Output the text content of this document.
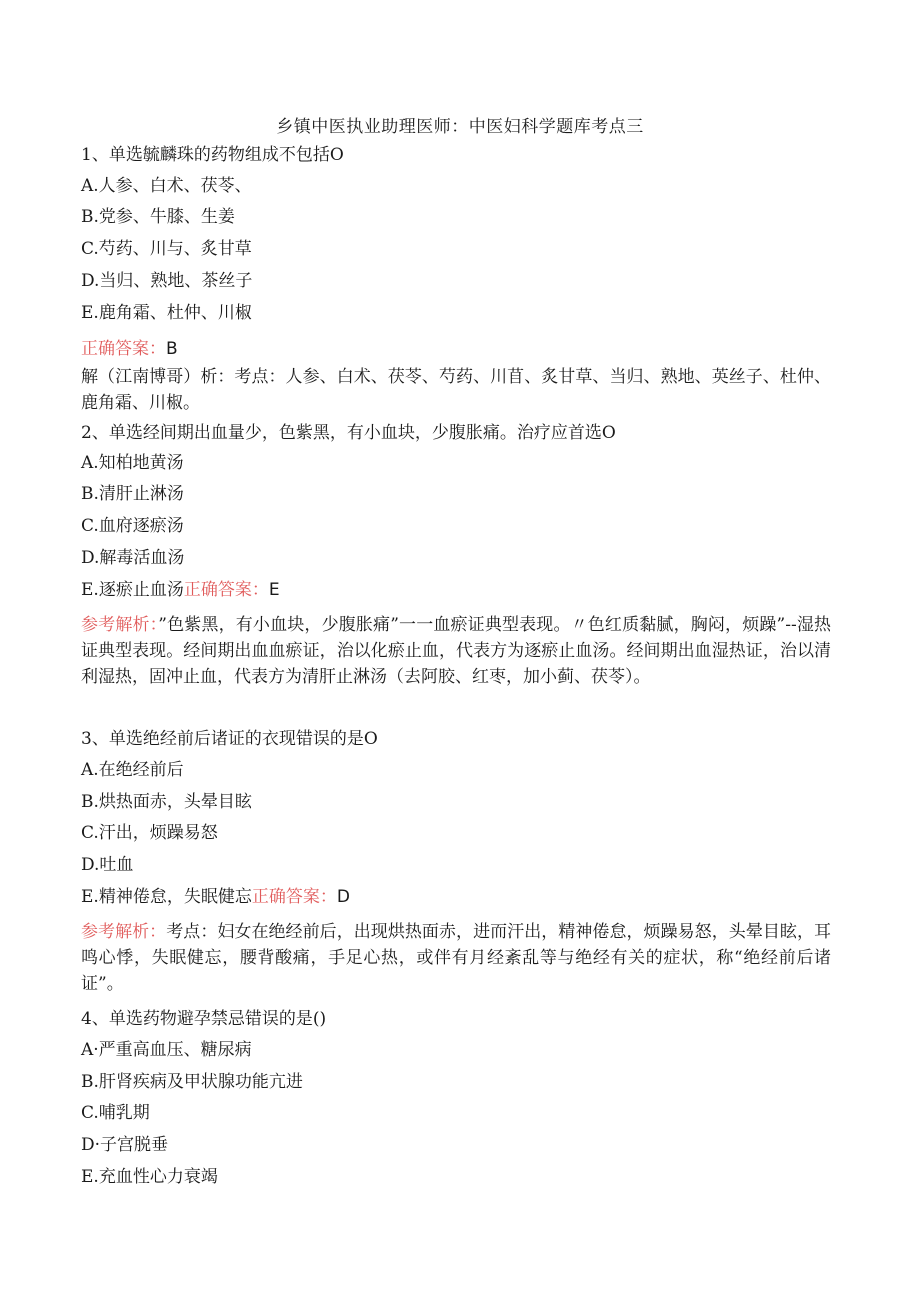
乡镇中医执业助理医师：中医妇科学题库考点三
1、单选毓麟珠的药物组成不包括O
A.人参、白术、茯苓、
B.党参、牛膝、生姜
C.芍药、川与、炙甘草
D.当归、熟地、茶丝子
E.鹿角霜、杜仲、川椒
正确答案：B
解（江南博哥）析：考点：人参、白术、茯苓、芍药、川苜、炙甘草、当归、熟地、英丝子、杜仲、鹿角霜、川椒。
2、单选经间期出血量少，色紫黑，有小血块，少腹胀痛。治疗应首选O
A.知柏地黄汤
B.清肝止淋汤
C.血府逐瘀汤
D.解毒活血汤
E.逐瘀止血汤正确答案：E
参考解析：”色紫黑，有小血块，少腹胀痛”一一血瘀证典型表现。〃色红质黏腻，胸闷，烦躁”--湿热证典型表现。经间期出血血瘀证，治以化瘀止血，代表方为逐瘀止血汤。经间期出血湿热证，治以清利湿热，固冲止血，代表方为清肝止淋汤（去阿胶、红枣，加小蓟、茯苓）。
3、单选绝经前后诸证的衣现错误的是O
A.在绝经前后
B.烘热面赤，头晕目眩
C.汗出，烦躁易怒
D.吐血
E.精神倦怠，失眠健忘正确答案：D
参考解析：考点：妇女在绝经前后，出现烘热面赤，进而汗出，精神倦怠，烦躁易怒，头晕目眩，耳鸣心悸，失眠健忘，腰背酸痛，手足心热，或伴有月经紊乱等与绝经有关的症状，称“绝经前后诸证”。
4、单选药物避孕禁忌错误的是()
A·严重高血压、糖尿病
B.肝肾疾病及甲状腺功能亢进
C.哺乳期
D·子宫脱垂
E.充血性心力衰竭
